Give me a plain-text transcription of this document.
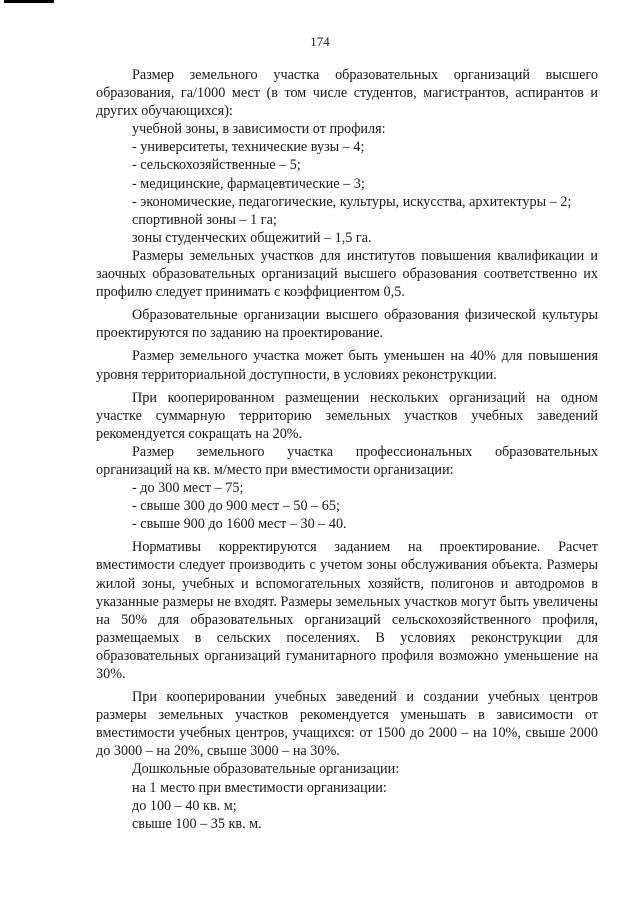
174

Размер земельного участка образовательных организаций высшего образования, га/1000 мест (в том числе студентов, магистрантов, аспирантов и других обучающихся):

учебной зоны, в зависимости от профиля:

- университеты, технические вузы – 4;

- сельскохозяйственные – 5;

- медицинские, фармацевтические – 3;

- экономические, педагогические, культуры, искусства, архитектуры – 2;

спортивной зоны – 1 га;

зоны студенческих общежитий – 1,5 га.

Размеры земельных участков для институтов повышения квалификации и заочных образовательных организаций высшего образования соответственно их профилю следует принимать с коэффициентом 0,5.

Образовательные организации высшего образования физической культуры проектируются по заданию на проектирование.

Размер земельного участка может быть уменьшен на 40% для повышения уровня территориальной доступности, в условиях реконструкции.

При кооперированном размещении нескольких организаций на одном участке суммарную территорию земельных участков учебных заведений рекомендуется сокращать на 20%.

Размер земельного участка профессиональных образовательных организаций на кв. м/место при вместимости организации:

- до 300 мест – 75;

- свыше 300 до 900 мест – 50 – 65;

- свыше 900 до 1600 мест – 30 – 40.

Нормативы корректируются заданием на проектирование. Расчет вместимости следует производить с учетом зоны обслуживания объекта. Размеры жилой зоны, учебных и вспомогательных хозяйств, полигонов и автодромов в указанные размеры не входят. Размеры земельных участков могут быть увеличены на 50% для образовательных организаций сельскохозяйственного профиля, размещаемых в сельских поселениях. В условиях реконструкции для образовательных организаций гуманитарного профиля возможно уменьшение на 30%.

При кооперировании учебных заведений и создании учебных центров размеры земельных участков рекомендуется уменьшать в зависимости от вместимости учебных центров, учащихся: от 1500 до 2000 – на 10%, свыше 2000 до 3000 – на 20%, свыше 3000 – на 30%.

Дошкольные образовательные организации:

на 1 место при вместимости организации:

до 100 – 40 кв. м;

свыше 100 – 35 кв. м.
